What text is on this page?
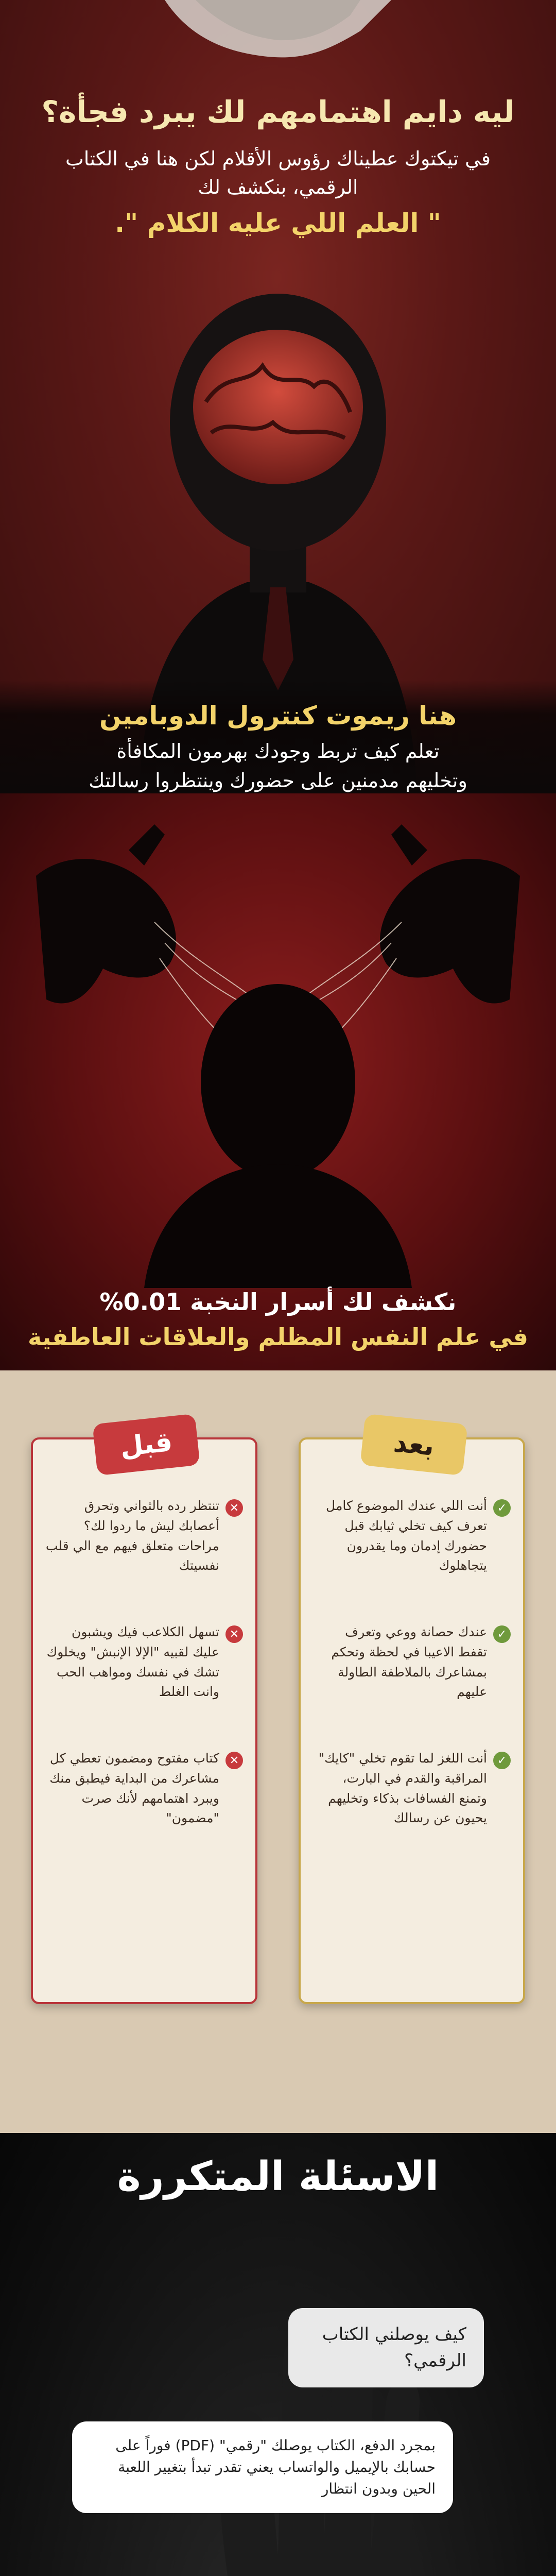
ليه دايم اهتمامهم لك يبرد فجأة؟
في تيكتوك عطيناك رؤوس الأقلام لكن هنا في الكتاب الرقمي، بنكشف لك
" العلم اللي عليه الكلام ".
هنا ريموت كنترول الدوبامين
تعلم كيف تربط وجودك بهرمون المكافأة
وتخليهم مدمنين على حضورك وينتظروا رسالتك
نكشف لك أسرار النخبة 0.01%
في علم النفس المظلم والعلاقات العاطفية
قبل
✕
تنتظر رده بالثواني وتحرق أعصابك ليش ما ردوا لك؟ مراحات متعلق فيهم مع الي قلب نفسيتك
✕
تسهل الكلاعب فيك ويشبون عليك لقبيه "الإلا الإنبش" ويخلوك تشك في نفسك ومواهب الحب وانت الغلط
✕
كتاب مفتوح ومضمون تعطي كل مشاعرك من البداية فيطبق منك ويبرد اهتمامهم لأنك صرت "مضمون"
بعد
✓
أنت اللي عندك الموضوع كامل تعرف كيف تخلي ثيابك قبل حضورك إدمان وما يقدرون يتجاهلوك
✓
عندك حصانة ووعي وتعرف تقفط الاعيبا في لحظة وتحكم بمشاعرك بالملاطفة الطاولة عليهم
✓
أنت اللغز لما تقوم تخلي "كايك" المراقبة والقدم في البارت، وتمنع الفسافات بذكاء وتخليهم يحيون عن رسالك
الاسئلة المتكررة
كيف يوصلني الكتاب الرقمي؟
بمجرد الدفع، الكتاب يوصلك "رقمي" (PDF) فوراً على حسابك بالإيميل والواتساب يعني تقدر تبدأ بتغيير اللعبة الحين وبدون انتظار
